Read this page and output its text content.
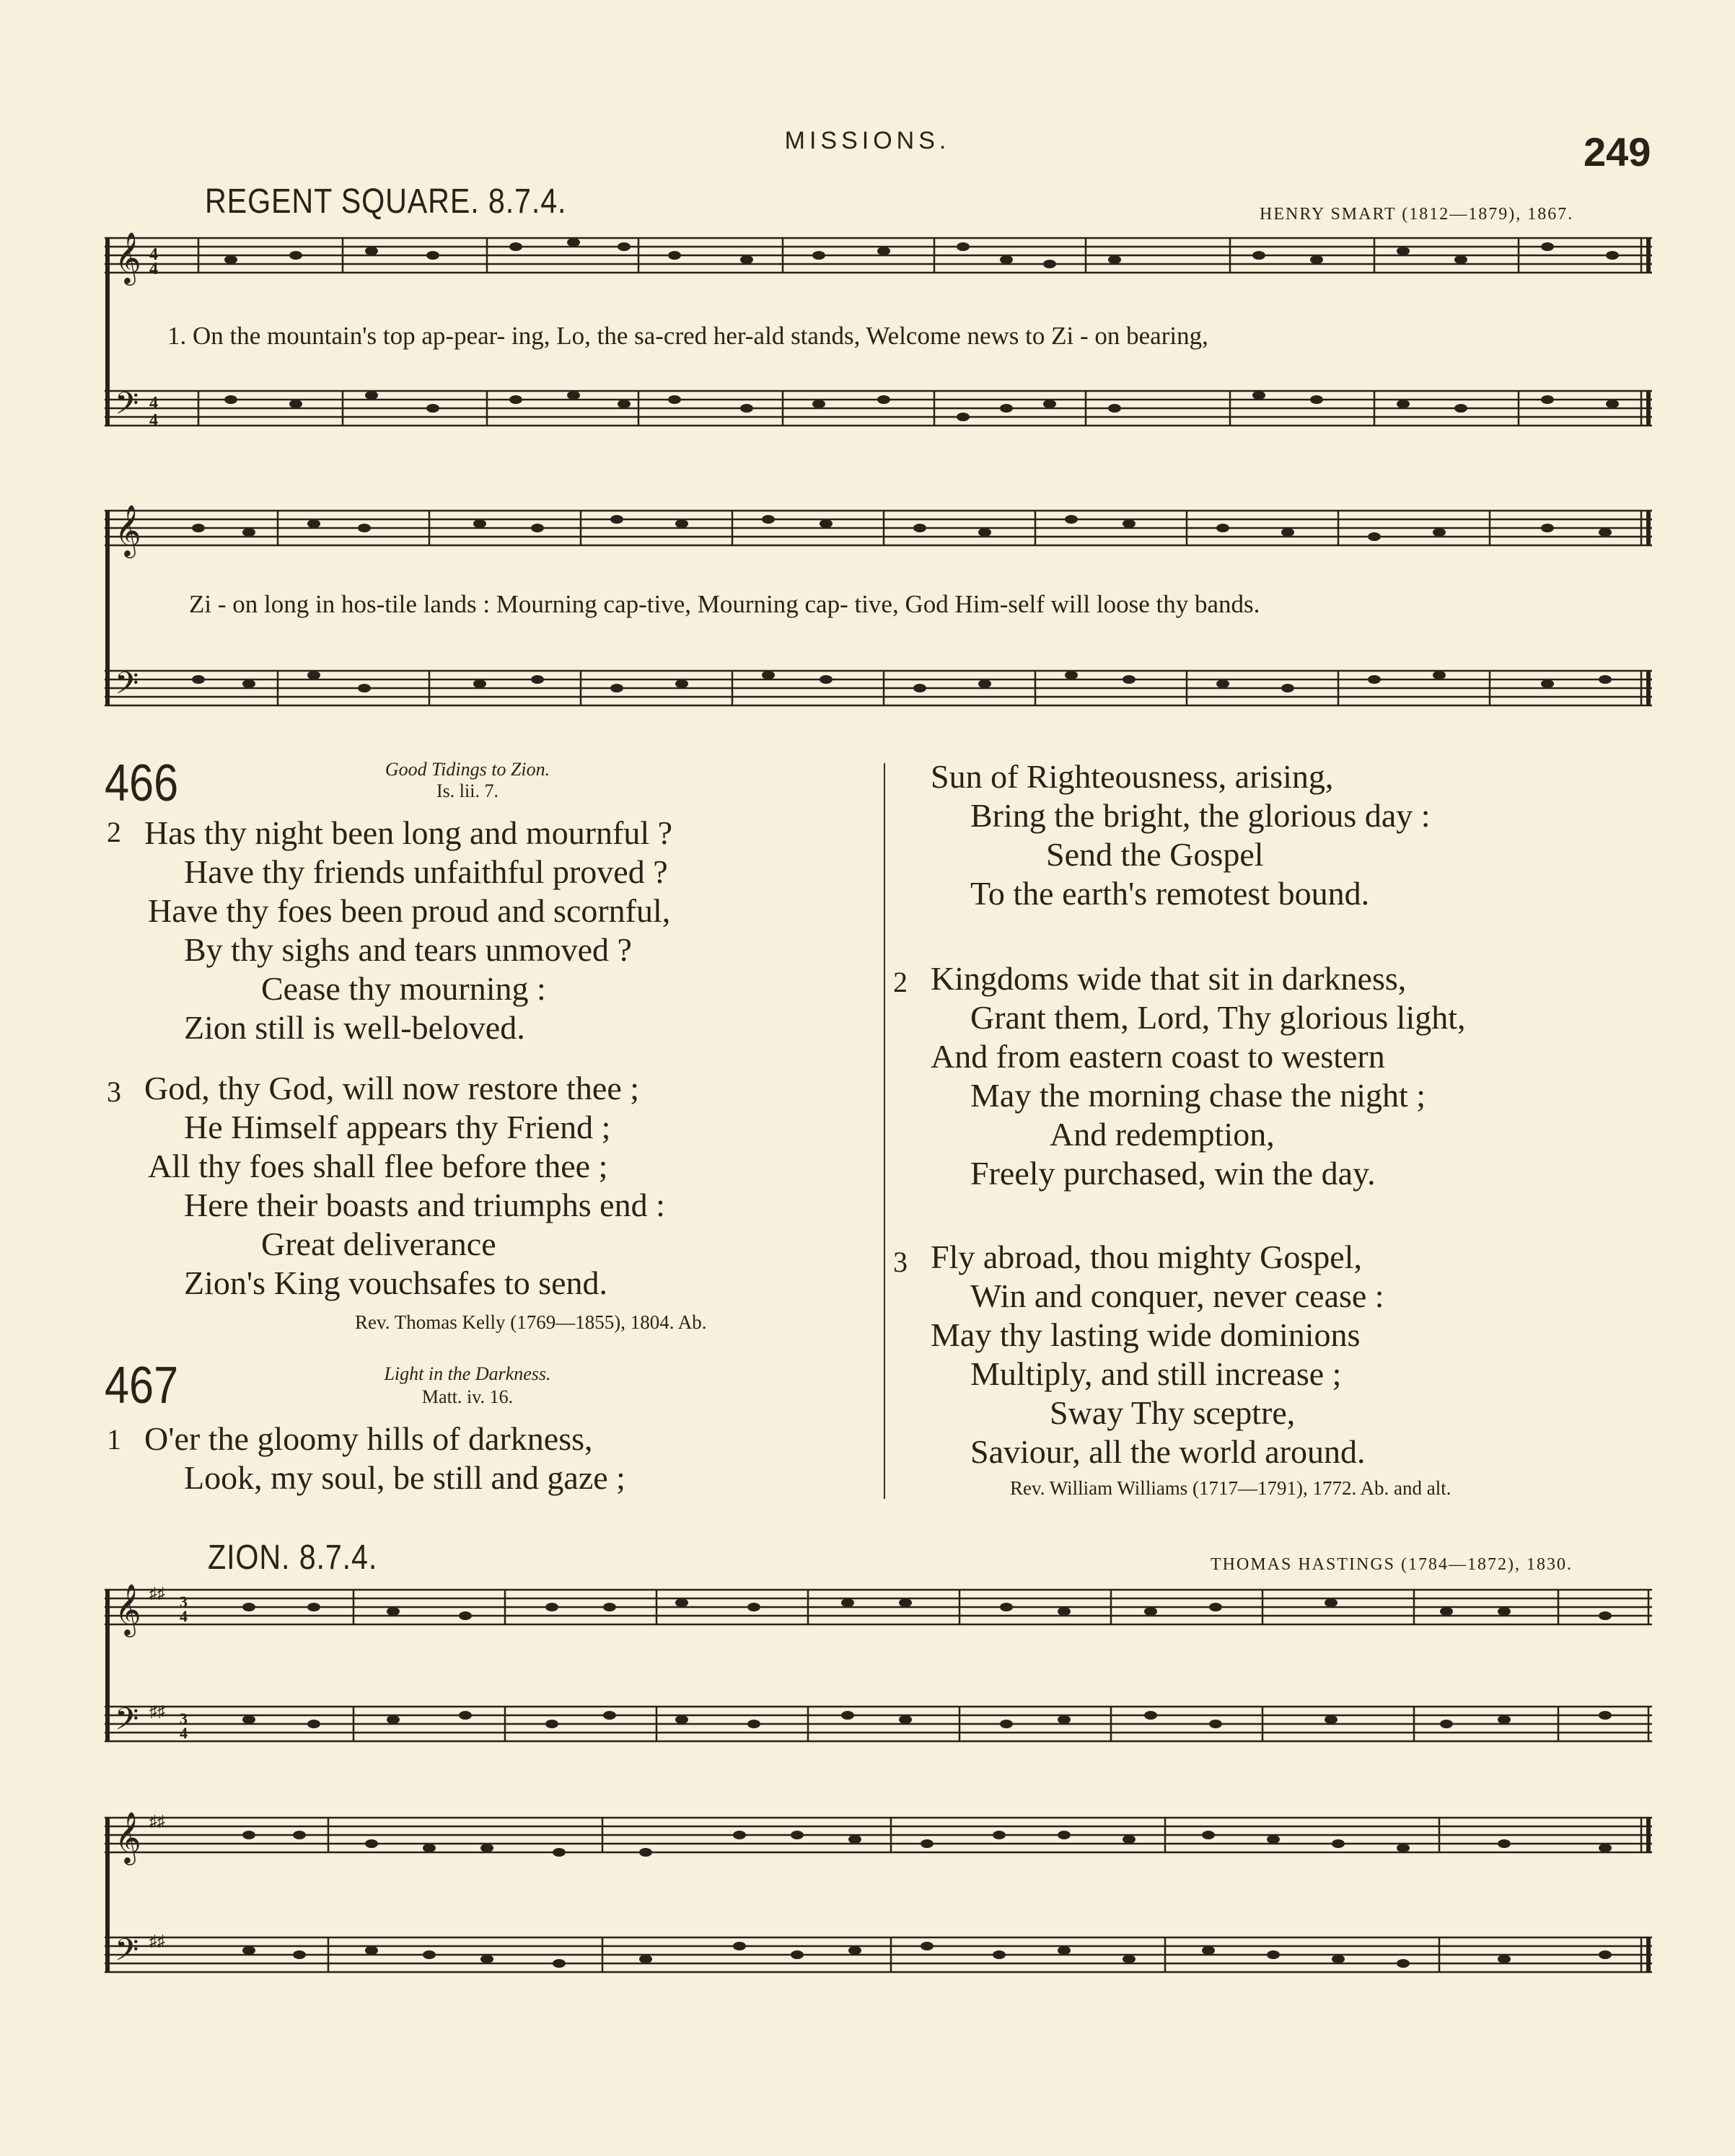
MISSIONS.	249
REGENT SQUARE. 8.7.4.	HENRY SMART (1812—1879), 1867.
𝄞
𝄢
4
4
4
4
1. On the mountain's top ap-pear- ing, Lo, the sa-cred her-ald stands, Welcome news to Zi - on bearing,
𝄞
𝄢
Zi - on long in hos-tile lands : Mourning cap-tive, Mourning cap- tive, God Him-self will loose thy bands.
466	Good Tidings to Zion.
Is. lii. 7.
2 Has thy night been long and mournful ?
Have thy friends unfaithful proved ?
Have thy foes been proud and scornful,
By thy sighs and tears unmoved ?
Cease thy mourning :
Zion still is well-beloved.
3 God, thy God, will now restore thee ;
He Himself appears thy Friend ;
All thy foes shall flee before thee ;
Here their boasts and triumphs end :
Great deliverance
Zion's King vouchsafes to send.
Rev. Thomas Kelly (1769—1855), 1804. Ab.
467	Light in the Darkness.
Matt. iv. 16.
1 O'er the gloomy hills of darkness,
Look, my soul, be still and gaze ;
Sun of Righteousness, arising,
Bring the bright, the glorious day :
Send the Gospel
To the earth's remotest bound.
2 Kingdoms wide that sit in darkness,
Grant them, Lord, Thy glorious light,
And from eastern coast to western
May the morning chase the night ;
And redemption,
Freely purchased, win the day.
3 Fly abroad, thou mighty Gospel,
Win and conquer, never cease :
May thy lasting wide dominions
Multiply, and still increase ;
Sway Thy sceptre,
Saviour, all the world around.
Rev. William Williams (1717—1791), 1772. Ab. and alt.
ZION. 8.7.4.	THOMAS HASTINGS (1784—1872), 1830.
𝄞
𝄢
♯♯
♯♯
3
4
3
4
𝄞
𝄢
♯♯
♯♯
